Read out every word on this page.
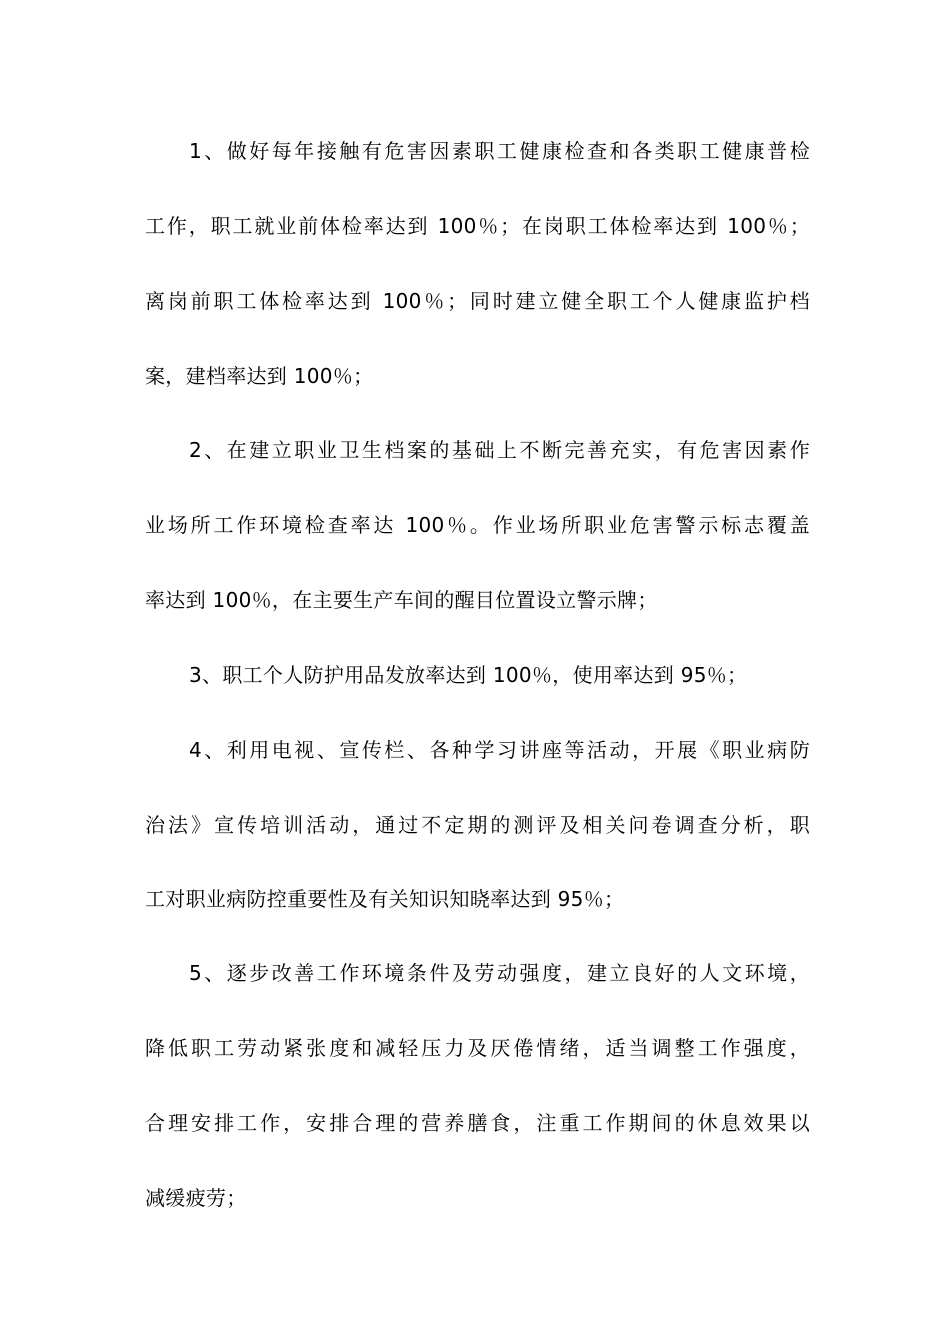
1、做好每年接触有危害因素职工健康检查和各类职工健康普检
工作，职工就业前体检率达到 100％；在岗职工体检率达到 100％；
离岗前职工体检率达到 100％；同时建立健全职工个人健康监护档
案，建档率达到 100％；
2、在建立职业卫生档案的基础上不断完善充实，有危害因素作
业场所工作环境检查率达 100％。作业场所职业危害警示标志覆盖
率达到 100％，在主要生产车间的醒目位置设立警示牌；
3、职工个人防护用品发放率达到 100％，使用率达到 95％；
4、利用电视、宣传栏、各种学习讲座等活动，开展《职业病防
治法》宣传培训活动，通过不定期的测评及相关问卷调查分析，职
工对职业病防控重要性及有关知识知晓率达到 95％；
5、逐步改善工作环境条件及劳动强度，建立良好的人文环境，
降低职工劳动紧张度和减轻压力及厌倦情绪，适当调整工作强度，
合理安排工作，安排合理的营养膳食，注重工作期间的休息效果以
减缓疲劳；
